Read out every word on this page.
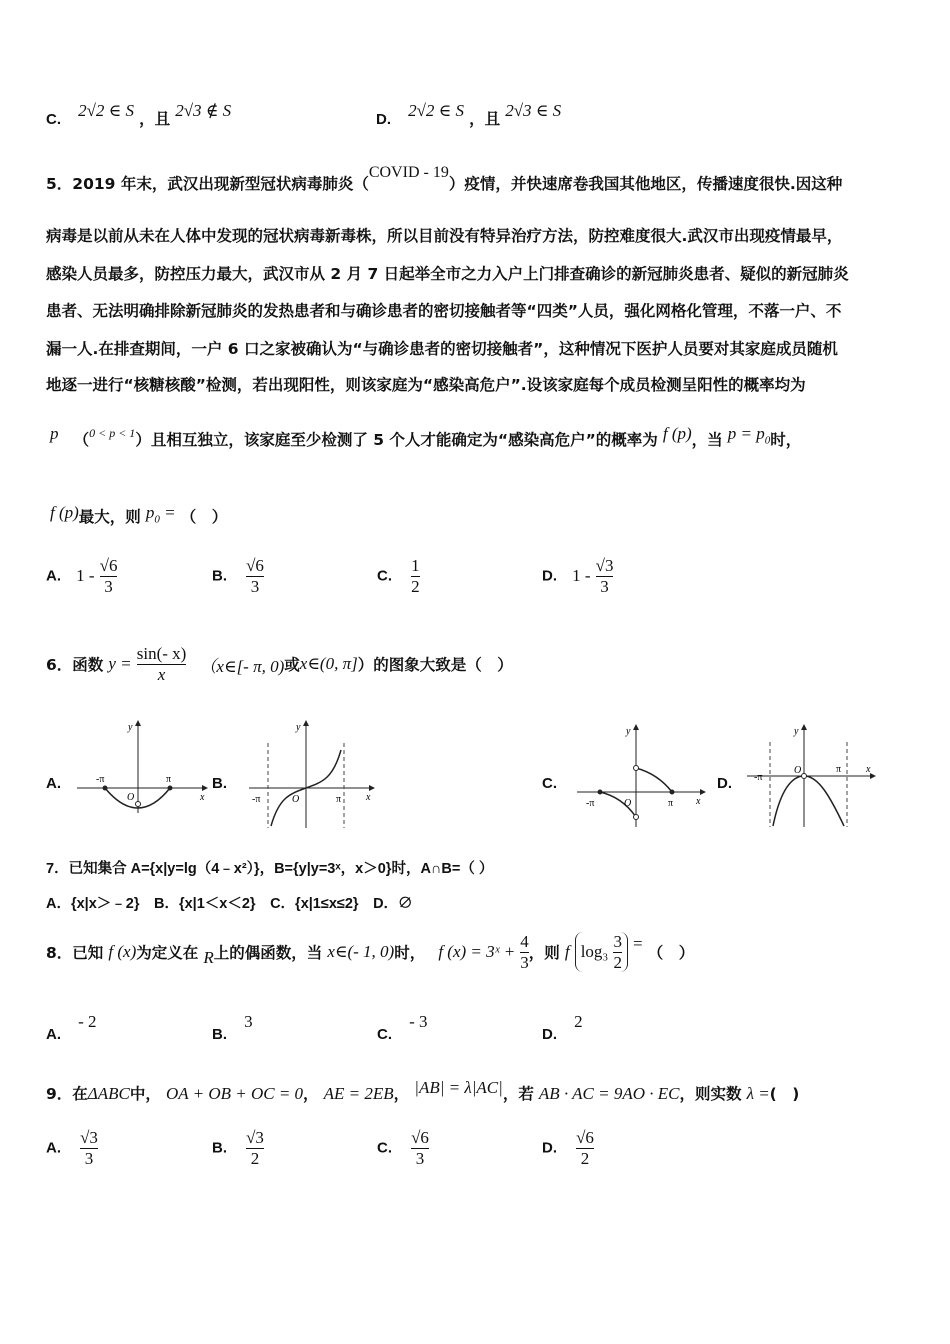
C. 2√2 ∈ S ，且 2√3 ∉ S	D. 2√2 ∈ S ，且 2√3 ∈ S
5．2019 年末，武汉出现新型冠状病毒肺炎（COVID - 19）疫情，并快速席卷我国其他地区，传播速度很快.因这种
病毒是以前从未在人体中发现的冠状病毒新毒株，所以目前没有特异治疗方法，防控难度很大.武汉市出现疫情最早，
感染人员最多，防控压力最大，武汉市从 2 月 7 日起举全市之力入户上门排查确诊的新冠肺炎患者、疑似的新冠肺炎
患者、无法明确排除新冠肺炎的发热患者和与确诊患者的密切接触者等“四类”人员，强化网格化管理，不落一户、不
漏一人.在排查期间，一户 6 口之家被确认为“与确诊患者的密切接触者”，这种情况下医护人员要对其家庭成员随机
地逐一进行“核糖核酸”检测，若出现阳性，则该家庭为“感染高危户”.设该家庭每个成员检测呈阳性的概率均为
p （$^{0 < p < 1}$）且相互独立，该家庭至少检测了 5 个人才能确定为“感染高危户”的概率为 f (p)，当 $p = p_0$时，
f (p)最大，则 $p_0$ = （　）
A. $1 - \frac{√6}{3}$	B. $\frac{√6}{3}$	C. $\frac{1}{2}$	D. $1 - \frac{√3}{3}$
6．函数 $y = \frac{\sin(- x)}{x}$ （x∈[- π, 0)或x∈(0, π]）的图象大致是（　）
A.	B.	C.	D.
-π	π
O	x
y
-π	π
O	x
y
-π	π
O	x
y
-π
π
O	x
y
7．已知集合 A={x|y=lg（4﹣x²）}，B={y|y=3ˣ，x＞0}时，A∩B=（ ）
A．{x|x＞﹣2}　B．{x|1＜x＜2}　C．{x|1≤x≤2}　D．∅
8．已知 f (x)为定义在 R上的偶函数，当 x∈(- 1, 0)时， f (x) = 3ˣ + $\frac{4}{3}$ ，则 f $\log_3 \frac{3}{2}$ = （　）
A. - 2
B. 3
C. - 3
D. 2
9．在ΔABC中， OA + OB + OC = 0， AE = 2EB， |AB| = λ|AC|，若 AB · AC = 9AO · EC，则实数 λ =(　)
A. $\frac{√3}{3}$	B. $\frac{√3}{2}$	C. $\frac{√6}{3}$	D. $\frac{√6}{2}$
